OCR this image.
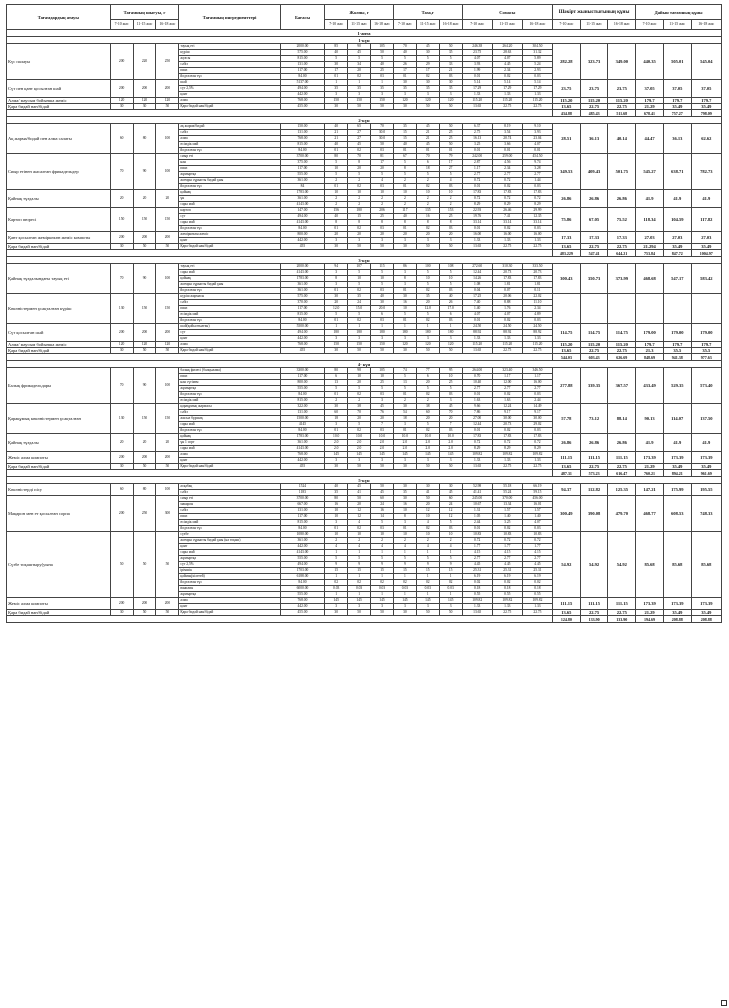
Тағамдардың атауы	Тағамның шығуы, г			Тағамның ингредиенттері	Бағасы	Жалпы, г			Таза,г			Сомасы			Шәкірт жыныстығының құны			Дайын тағамның құны		
	7-10 жас	11-15 жас	16-18 жас			7-10 жас	11-15 жас	16-18 жас	7-10 жас	11-15 жас	16-18 жас	7-10 жас	11-15 жас	16-18 жас	7-10 жас	11-15 жас	16-18 жас	7-10 жас	11-15 жас	16-18 жас
1-апта																				
1-күн																				
Күс палауы	200	220	250	тауық еті	2000.00	85	90	105	70	45	50	246.38	264.20	304.50	282.28	323.73	349.00	440.35	505.01	545.04
				күріш	575.00	40	45	50	40	30	35	23.75	28.63	31.32						
				жуасы	815.00	5	5	5	5	5	5	4.07	4.07	5.89						
				сәбіз	131.00	30	34	40	26	29	33	3.93	4.45	5.24						
				пияз	117.00	17	20	25	17	17	21	1.99	2.34	2.93						
				йодталған тұз	84.00	01	02	03	01	02	03	0.01	0.02	0.03						
Сүт пен қант қосылған шай	200	200	200	шай	5137.00	1	1	1	30	30	30	5.14	5.14	5.14	23.75	23.75	23.75	37.05	37.05	37.05
				сүт 2,5%	494.00	35	35	35	35	35	35	17.29	17.29	17.29						
				қант	442.00	3	3	3	3	3	3	1.33	1.33	1.33						
Алма/ маусым бойынша жеміс	120	120	120	алма	768.00	150	150	150	120	120	120	115.20	115.20	115.20	115.20	115.20	115.20	179.7	179.7	179.7
Қара бидай нан/бідай	30	30	50	Қара бидай нан/бідай	455.00	30	50	50	30	50	50	13.65	22.75	22.75	13.65	22.75	22.75	21.29	35.49	35.49
															434.88	485.43	511.68	678.41	757.27	798.09
2-күн																				
Ақ жарма/бидай пен алма салаты	60	80	100	ақ жарма/бидай	150.00	40	65	70	35	45	50	6.37	8.19	9.10	28.51	36.13	40.14	44.47	36.13	62.62
				сәбіз	131.00	21	27	30.0	15	21	25	2.75	3.54	3.93						
				алма	768.00	21	27	30.0	15	21	25	16.13	20.74	23.04						
				өсімдік май	815.00	40	45	50	40	45	50	3.25	3.66	4.07						
				йодталған тұз	84.00	01	02	03	01	01	01	0.01	0.01	0.01						
Сиыр етінен жасалған фрикадельдер	70	90	100	сиыр еті	3700.00	80	70	81	67	70	79	242.00	259.00	454.50	349.53	409.43	501.75	545.27	638.71	782.73
				нан	375.00	5	8	17	5	6	17	2.87	4.56	9.74						
				пияз	117.00	10	20	20	8	18	27	1.17	2.34	3.28						
				жұмыртқа	555.00	5	5	5	5	5	5	2.77	2.77	2.77						
				жоғары сұрыпты бидай ұны	361.00	2	2	4	2	2	4	0.72	0.72	1.44						
				йодталған тұз	84	01	02	03	01	02	03	0.01	0.02	0.03						
Қайнақ тұздалы	20	20	20	қайнақ	1783.00	10	10	10	10	10	10	17.83	17.83	17.83	26.86	26.86	26.86	41.9	41.9	41.9
				ұн	361.00	2	2	2	2	2	2	0.72	0.72	0.72						
				сары май	4143.00	2	2	2	2	2	2	8.29	8.29	8.29						
Картоп пюресі	150	150	150	картоп	147.00	156	180	206	117	135	153	22.93	26.46	29.99	75.86	67.05	75.52	118.34	104.59	117.82
				сүт	494.00	40	15	25	40	16	25	19.76	7.41	12.35						
				сары май	4143.00	8	8	8	8	8	8	33.14	33.14	33.14						
				йодталған тұз	84.00	01	02	03	01	02	03	0.01	0.02	0.03						
Қант қосылған жеміркөкөн жеміс компоты	200	200	200	жеміркөкөн жеміс	800.00	20	20	20	20	20	20	16.00	16.00	16.00	17.33	17.33	17.33	27.03	27.03	27.03
				қант	442.00	3	3	3	3	3	3	1.33	1.33	1.33						
Қара бидай нан/бідай	30	50	50	Қара бидай нан/бідай	455	30	50	50	30	50	50	13.65	22.75	22.75	13.65	22.75	22.75	21.294	35.49	35.49
															483.229	547.41	644.21	753.84	847.72	1004.97
3-күн																				
Қайнақ тұздалындағы тауық еті	70	90	100	тауық еті	2000.00	94	107	115	86	100	108	272.60	310.30	333.50	300.43	350.73	373.99	468.68	547.17	583.42
				сары май	4143.00	3	5	5	3	5	5	12.44	20.73	20.73						
				қайнақ	1783.00	8	10	10	8	10	10	14.26	17.83	17.83						
				жоғары сұрыпты бидай ұны	361.00	3	5	5	3	5	5	1.08	1.81	1.81						
				йодталған тұз	361.00	01	02	03	01	02	03	0.04	0.07	0.11						
Көкөністермен ұсақталған күріш	130	150	150	күріш жармасы	575.00	30	35	40	30	35	40	17.25	20.06	22.02						
				сәбіз	370.00	20	24	30	16	20	26	7.40	8.88	11.10						
				пияз	117.00	12.0	15.0	20.0	10	12.0	17.0	1.40	1.76	2.34						
				өсімдік май	815.00	5	5	6	5	5	6	4.07	4.07	4.89						
				йодталған тұз	84.00	01	02	03	01	02	03	0.01	0.02	0.03						
Сүт қосылған шәй	200	200	200	шай(қойылтылған)	5500.00	1	1	1	1	1	1	24.50	24.50	24.50	114.75	114.75	114.75	179.00	179.00	179.00
				сүт	494.00	180	180	180	180	180	180	88.92	88.92	88.92						
				қант	442.00	3	3	3	3	3	3	1.33	1.33	1.33						
Алма/ маусым бойынша жеміс	120	120	120	алма	768.00	150	150	150	120	120	120	115.20	115.20	115.20	115.20	115.20	115.20	179.7	179.7	179.7
Қара бидай нан/бідай	30	50	50	Қара бидай нан/бідай	455	30	50	50	30	50	50	13.65	22.75	22.75	13.65	22.75	22.75	21.3	35.5	35.5
															544.03	603.43	626.69	848.69	941.38	977.63
4- күн																				
Балық фрикадельдары	70	90	100	балық филесі (балқылама)	3300.00	80	98	105	74	77	95	264.00	323.40	346.50	277.88	339.35	367.57	433.49	529.35	573.40
				пияз	117.00	6	10	10	5	6	10	0.70	1.17	1.17						
				нан сүтімен	800.00	13	20	25	13	20	25	10.40	12.00	16.00						
				жұмыртқа	555.00	5	5	5	5	5	5	2.77	2.77	2.77						
				йодталған тұз	84.00	01	02	03	01	02	03	0.01	0.02	0.03						
				өсімдік май	815.00	2	2	3	2	2	3	1.63	1.63	2.44						
Қарақұмық көкөністермен ұсақталған	130	150	150	қарақұмық жармасы	322.00	30	38	45	30	38	45	9.66	12.24	14.49	57.78	73.12	88.14	90.13	114.07	137.50
				сәбіз	131.00	60	70	76	54	60	70	7.86	9.17	9.17						
				жасыл бұршақ	1500.00	18	20	20	18	20	20	27.00	30.00	30.00						
				сары май	4145	3	5	7	3	5	7	12.44	20.73	29.02						
				йодталған тұз	84.00	01	02	03	01	02	03	0.01	0.02	0.03						
Қайнақ тұздалы	20	20	20	қайнақ	1783.00	10.0	10.0	10.0	10.0	10.0	10.0	17.83	17.83	17.83	26.86	26.86	26.86	41.9	41.9	41.9
				ұн 1 сорт	361.00	2.0	2.0	2.0	2.0	2.0	2.0	0.72	0.72	0.72						
				сары май	4143.00	2.0	2.0	2.0	2.0	2.0	2.0	8.29	8.29	8.29						
Жеміс алма компоты	200	200	200	алма	768.00	145	145	145	145	145	145	109.82	109.82	109.82	111.15	111.15	111.15	173.39	173.39	173.39
				қант	442.00	3	3	3	3	3	3	1.33	1.33	1.33						
Қара бидай нан/бідай	30	50	50	Қара бидай нан/бідай	455	30	50	50	30	50	50	13.65	22.75	22.75	13.65	22.75	22.75	21.29	35.49	35.49
															487.31	573.23	616.47	760.21	894.21	961.69
5-күн																				
Көкөністерді пісу	60	80	100	асқабақ	1524	40	45	50	30	30	30	52.98	55.18	66.19	94.37	112.82	125.35	147.21	175.99	195.55
				сәбіз	1183	35	41	45	35	41	45	41.41	55.24	59.15						
Мақарон мен ет қосылған сорпа	200	250	300	сиыр еті	3700.00	80	50	60	30	50	60	245.00	370.00	456.00	300.49	390.08	479.70	468.77	608.53	748.33
				макарон	667.00	16	20	24	16	20	24	10.67	13.34	16.01						
				сәбіз	131.00	10	12	16	10	12	12	1.31	1.57	1.57						
				пияз	117.00	10	12	14	8	10	12	1.05	1.40	1.40						
				өсімдік май	815.00	3	4	5	3	4	5	2.44	3.25	4.07						
				йодталған тұз	84.00	01	02	03	01	02	03	0.01	0.02	0.03						
Сүзбе тоқаштыру(уына	50	50	50	сүзбе	1080.00	10	10	10	10	10	10	10.83	10.83	10.83	54.92	54.92	54.92	85.68	85.68	85.68
				жоғары сұрыпты бидай ұны (на тоқаш)	361.00	2	2	2	2	2	2	0.72	0.72	0.72						
				қант	442.00	4	4	4	4	4	4	1.77	1.77	1.77						
				сары май	4143.00	1	1	1	1	1	1	4.15	4.15	4.15						
				жұмыртқа	555.00	5	5	5	5	5	5	2.77	2.77	2.77						
				сүт 2,5%	494.00	9	9	9	9	9	9	4.45	4.45	4.45						
				ірімшік	1703.00	15	15	15	15	15	15	25.31	25.31	25.31						
				қаймақ(кілегей)	6188.00	1	1	1	1	1	1	6.19	6.19	6.19						
				йодталған тұз	84.00	02	02	02	02	02	02	0.02	0.02	0.02						
				ванилин	6000.00	0.03	0.03	0.03	0.03	0.03	0.03	0.18	0.18	0.18						
				жұмыртқа	555.00	1	1	1	1	1	1	0.55	0.55	0.55						
Жеміс алма компоты	200	200	200	алма	768.00	145	145	145	145	145	145	109.82	109.82	109.82	111.15	111.15	111.15	173.39	173.39	173.39
				қант	442.00	3	3	3	3	3	3	1.33	1.33	1.33						
Қара бидай нан/бідай	30	50	50	Қара бидай нан/бідай	455.00	30	50	50	30	50	50	13.65	22.75	22.75	13.65	22.75	22.75	21.29	35.49	35.49
															124.80	133.90	133.90	194.69	208.88	208.88
